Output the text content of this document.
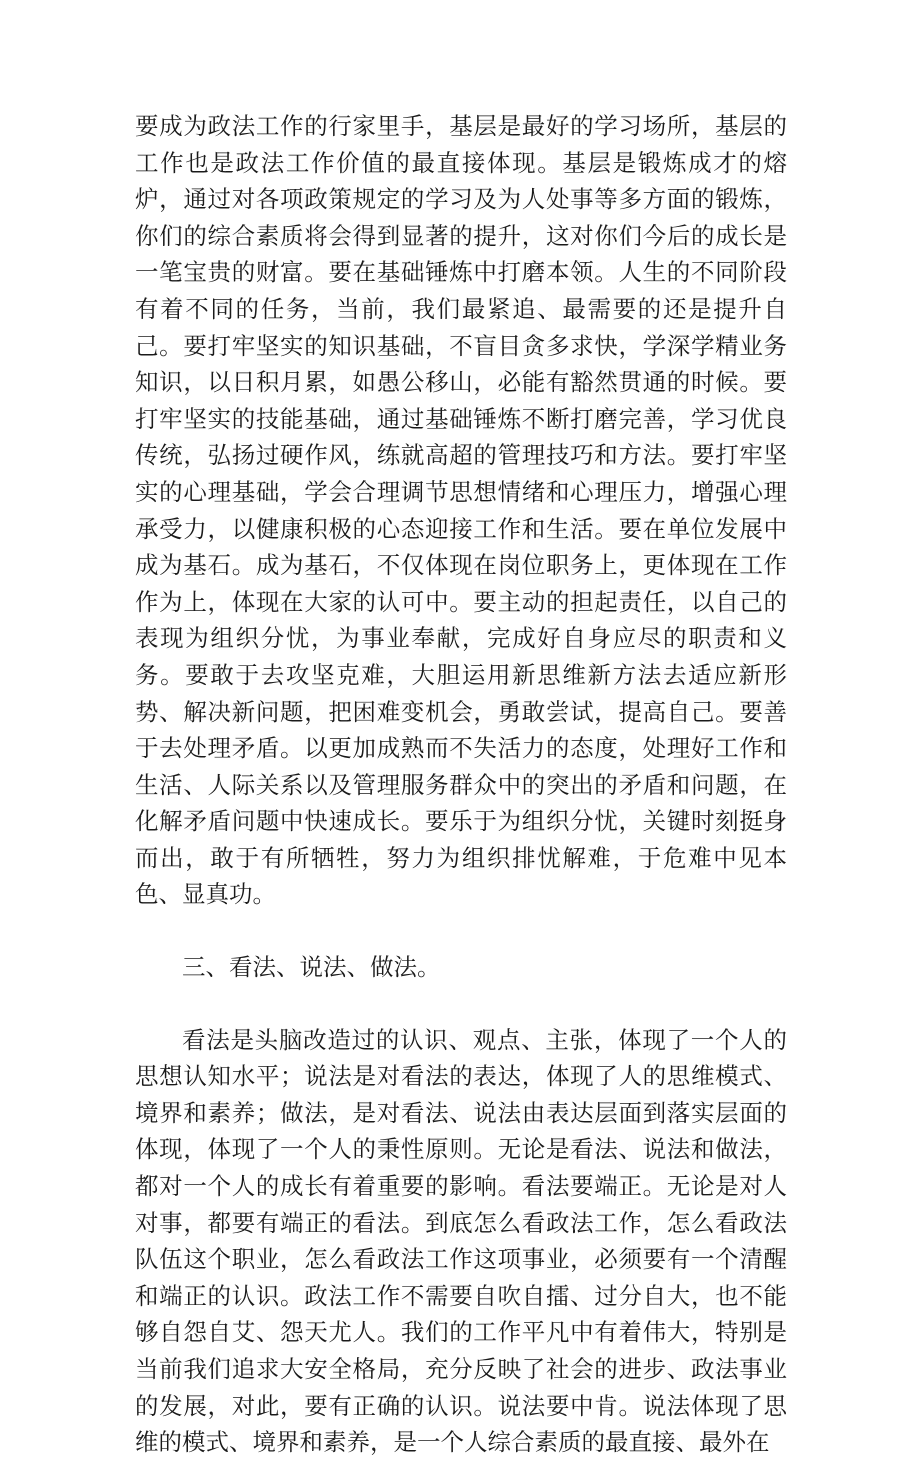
要成为政法工作的行家里手，基层是最好的学习场所，基层的工作也是政法工作价值的最直接体现。基层是锻炼成才的熔炉，通过对各项政策规定的学习及为人处事等多方面的锻炼，你们的综合素质将会得到显著的提升，这对你们今后的成长是一笔宝贵的财富。要在基础锤炼中打磨本领。人生的不同阶段有着不同的任务，当前，我们最紧追、最需要的还是提升自己。要打牢坚实的知识基础，不盲目贪多求快，学深学精业务知识，以日积月累，如愚公移山，必能有豁然贯通的时候。要打牢坚实的技能基础，通过基础锤炼不断打磨完善，学习优良传统，弘扬过硬作风，练就高超的管理技巧和方法。要打牢坚实的心理基础，学会合理调节思想情绪和心理压力，增强心理承受力，以健康积极的心态迎接工作和生活。要在单位发展中成为基石。成为基石，不仅体现在岗位职务上，更体现在工作作为上，体现在大家的认可中。要主动的担起责任，以自己的表现为组织分忧，为事业奉献，完成好自身应尽的职责和义务。要敢于去攻坚克难，大胆运用新思维新方法去适应新形势、解决新问题，把困难变机会，勇敢尝试，提高自己。要善于去处理矛盾。以更加成熟而不失活力的态度，处理好工作和生活、人际关系以及管理服务群众中的突出的矛盾和问题，在化解矛盾问题中快速成长。要乐于为组织分忧，关键时刻挺身而出，敢于有所牺牲，努力为组织排忧解难，于危难中见本色、显真功。

三、看法、说法、做法。

看法是头脑改造过的认识、观点、主张，体现了一个人的思想认知水平；说法是对看法的表达，体现了人的思维模式、境界和素养；做法，是对看法、说法由表达层面到落实层面的体现，体现了一个人的秉性原则。无论是看法、说法和做法，都对一个人的成长有着重要的影响。看法要端正。无论是对人对事，都要有端正的看法。到底怎么看政法工作，怎么看政法队伍这个职业，怎么看政法工作这项事业，必须要有一个清醒和端正的认识。政法工作不需要自吹自擂、过分自大，也不能够自怨自艾、怨天尤人。我们的工作平凡中有着伟大，特别是当前我们追求大安全格局，充分反映了社会的进步、政法事业的发展，对此，要有正确的认识。说法要中肯。说法体现了思维的模式、境界和素养，是一个人综合素质的最直接、最外在
